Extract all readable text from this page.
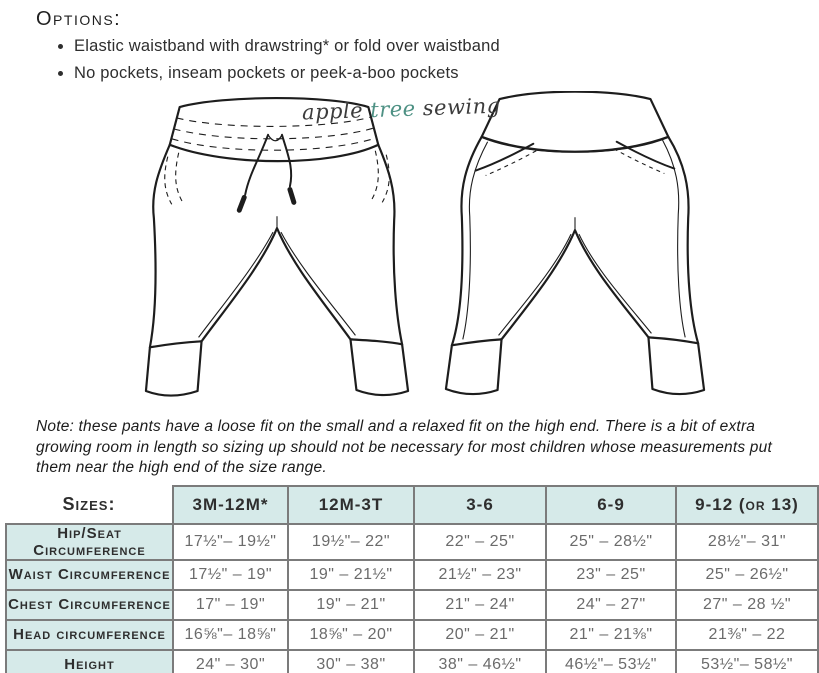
Options:
• Elastic waistband with drawstring* or fold over waistband
• No pockets, inseam pockets or peek-a-boo pockets
apple tree sewing

Note: these pants have a loose fit on the small and a relaxed fit on the high end. There is a bit of extra growing room in length so sizing up should not be necessary for most children whose measurements put them near the high end of the size range.

Sizes:	3M-12M*	12M-3T	3-6	6-9	9-12 (or 13)
Hip/Seat Circumference	17½"– 19½"	19½"– 22"	22" – 25"	25" – 28½"	28½"– 31"
Waist Circumference	17½" – 19"	19" – 21½"	21½" – 23"	23" – 25"	25" – 26½"
Chest Circumference	17" – 19"	19" – 21"	21" – 24"	24" – 27"	27" – 28 ½"
Head circumference	16⅝"– 18⅝"	18⅝" – 20"	20" – 21"	21" – 21⅜"	21⅜" – 22
Height	24" – 30"	30" – 38"	38" – 46½"	46½"– 53½"	53½"– 58½"
